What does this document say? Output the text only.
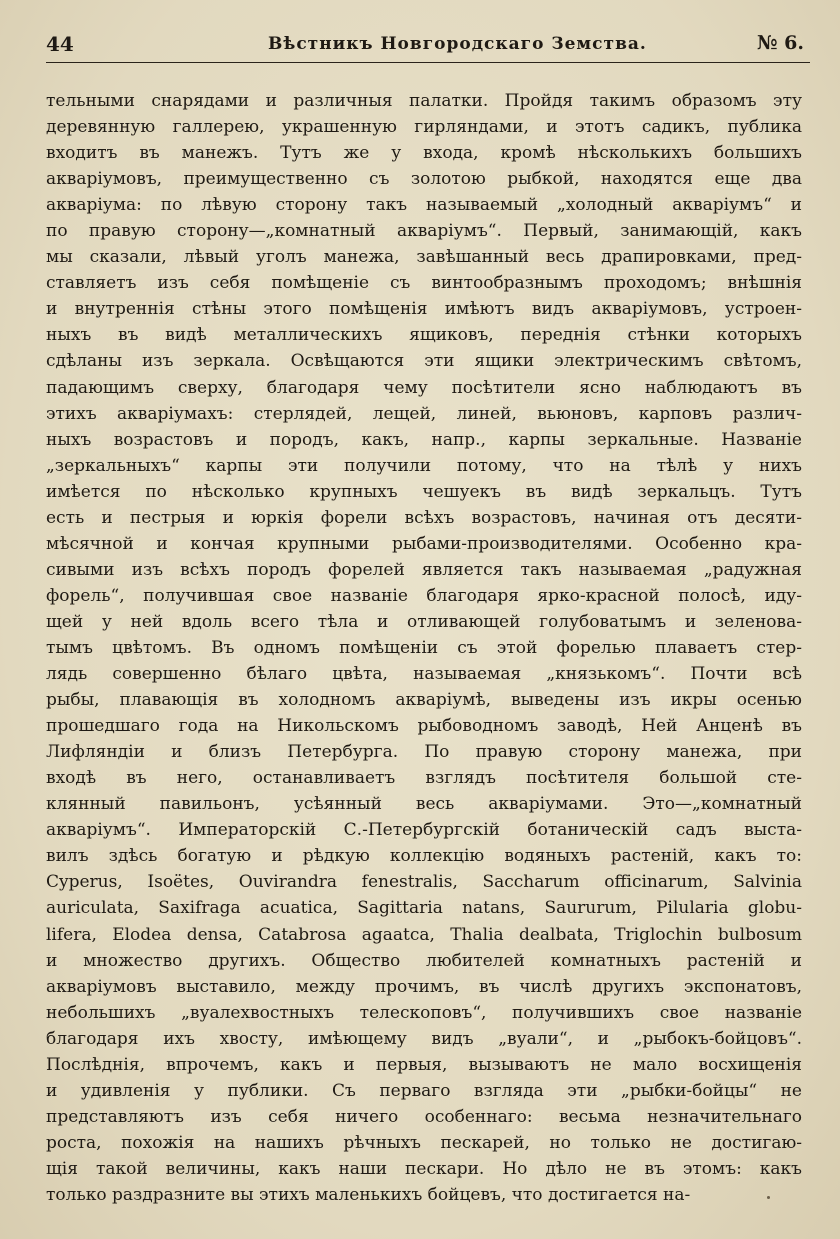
44	Вѣстникъ Новгородскаго Земства.	№ 6.
тельными снарядами и различныя палатки. Пройдя такимъ образомъ эту
деревянную галлерею, украшенную гирляндами, и этотъ садикъ, публика
входитъ въ манежъ. Тутъ же у входа, кромѣ нѣсколькихъ большихъ
акваріумовъ, преимущественно съ золотою рыбкой, находятся еще два
акваріума: по лѣвую сторону такъ называемый „холодный акваріумъ“ и
по правую сторону—„комнатный акваріумъ“. Первый, занимающій, какъ
мы сказали, лѣвый уголъ манежа, завѣшанный весь драпировками, пред-
ставляетъ изъ себя помѣщеніе съ винтообразнымъ проходомъ; внѣшнія
и внутреннія стѣны этого помѣщенія имѣютъ видъ акваріумовъ, устроен-
ныхъ въ видѣ металлическихъ ящиковъ, переднія стѣнки которыхъ
сдѣланы изъ зеркала. Освѣщаются эти ящики электрическимъ свѣтомъ,
падающимъ сверху, благодаря чему посѣтители ясно наблюдаютъ въ
этихъ акваріумахъ: стерлядей, лещей, линей, вьюновъ, карповъ различ-
ныхъ возрастовъ и породъ, какъ, напр., карпы зеркальные. Названіе
„зеркальныхъ“ карпы эти получили потому, что на тѣлѣ у нихъ
имѣется по нѣсколько крупныхъ чешуекъ въ видѣ зеркальцъ. Тутъ
есть и пестрыя и юркія форели всѣхъ возрастовъ, начиная отъ десяти-
мѣсячной и кончая крупными рыбами-производителями. Особенно кра-
сивыми изъ всѣхъ породъ форелей является такъ называемая „радужная
форель“, получившая свое названіе благодаря ярко-красной полосѣ, иду-
щей у ней вдоль всего тѣла и отливающей голубоватымъ и зеленова-
тымъ цвѣтомъ. Въ одномъ помѣщеніи съ этой форелью плаваетъ стер-
лядь совершенно бѣлаго цвѣта, называемая „князькомъ“. Почти всѣ
рыбы, плавающія въ холодномъ акваріумѣ, выведены изъ икры осенью
прошедшаго года на Никольскомъ рыбоводномъ заводѣ, Ней Анценѣ въ
Лифляндіи и близъ Петербурга. По правую сторону манежа, при
входѣ въ него, останавливаетъ взглядъ посѣтителя большой сте-
клянный павильонъ, усѣянный весь акваріумами. Это—„комнатный
акваріумъ“. Императорскій С.-Петербургскій ботаническій садъ выста-
вилъ здѣсь богатую и рѣдкую коллекцію водяныхъ растеній, какъ то:
Cyperus, Isoëtes, Ouvirandra fenestralis, Saccharum officinarum, Salvinia
auriculata, Saxifraga acuatica, Sagittaria natans, Saururum, Pilularia globu-
lifera, Elodea densa, Catabrosa agaatca, Thalia dealbata, Triglochin bulbosum
и множество другихъ. Общество любителей комнатныхъ растеній и
акваріумовъ выставило, между прочимъ, въ числѣ другихъ экспонатовъ,
небольшихъ „вуалехвостныхъ телескоповъ“, получившихъ свое названіе
благодаря ихъ хвосту, имѣющему видъ „вуали“, и „рыбокъ-бойцовъ“.
Послѣднія, впрочемъ, какъ и первыя, вызываютъ не мало восхищенія
и удивленія у публики. Съ перваго взгляда эти „рыбки-бойцы“ не
представляютъ изъ себя ничего особеннаго: весьма незначительнаго
роста, похожія на нашихъ рѣчныхъ пескарей, но только не достигаю-
щія такой величины, какъ наши пескари. Но дѣло не въ этомъ: какъ
только раздразните вы этихъ маленькихъ бойцевъ, что достигается на-
